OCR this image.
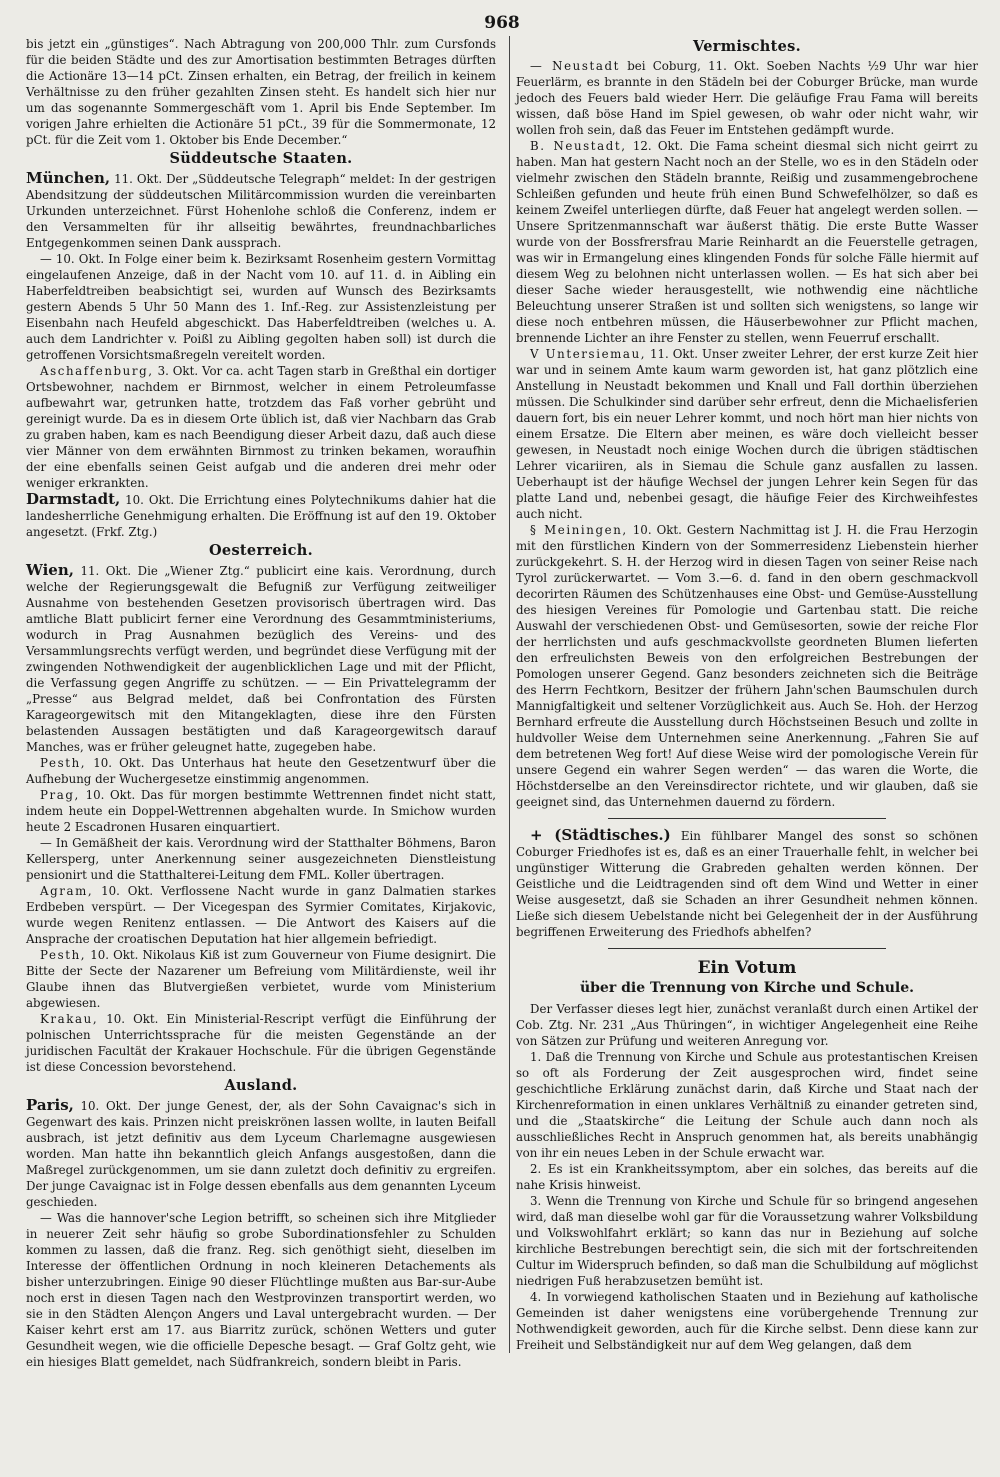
968

bis jetzt ein „günstiges“. Nach Abtragung von 200,000 Thlr. zum Cursfonds für die beiden Städte und des zur Amortisation bestimmten Betrages dürften die Actionäre 13—14 pCt. Zinsen erhalten, ein Betrag, der freilich in keinem Verhältnisse zu den früher gezahlten Zinsen steht. Es handelt sich hier nur um das sogenannte Sommergeschäft vom 1. April bis Ende September. Im vorigen Jahre erhielten die Actionäre 51 pCt., 39 für die Sommermonate, 12 pCt. für die Zeit vom 1. Oktober bis Ende December.“

Süddeutsche Staaten.

München, 11. Okt. Der „Süddeutsche Telegraph“ meldet: In der gestrigen Abendsitzung der süddeutschen Militärcommission wurden die vereinbarten Urkunden unterzeichnet. Fürst Hohenlohe schloß die Conferenz, indem er den Versammelten für ihr allseitig bewährtes, freundnachbarliches Entgegenkommen seinen Dank aussprach.

— 10. Okt. In Folge einer beim k. Bezirksamt Rosenheim gestern Vormittag eingelaufenen Anzeige, daß in der Nacht vom 10. auf 11. d. in Aibling ein Haberfeldtreiben beabsichtigt sei, wurden auf Wunsch des Bezirksamts gestern Abends 5 Uhr 50 Mann des 1. Inf.-Reg. zur Assistenzleistung per Eisenbahn nach Heufeld abgeschickt. Das Haberfeldtreiben (welches u. A. auch dem Landrichter v. Poißl zu Aibling gegolten haben soll) ist durch die getroffenen Vorsichtsmaßregeln vereitelt worden.

Aschaffenburg, 3. Okt. Vor ca. acht Tagen starb in Greßthal ein dortiger Ortsbewohner, nachdem er Birnmost, welcher in einem Petroleumfasse aufbewahrt war, getrunken hatte, trotzdem das Faß vorher gebrüht und gereinigt wurde. Da es in diesem Orte üblich ist, daß vier Nachbarn das Grab zu graben haben, kam es nach Beendigung dieser Arbeit dazu, daß auch diese vier Männer von dem erwähnten Birnmost zu trinken bekamen, woraufhin der eine ebenfalls seinen Geist aufgab und die anderen drei mehr oder weniger erkrankten.

Darmstadt, 10. Okt. Die Errichtung eines Polytechnikums dahier hat die landesherrliche Genehmigung erhalten. Die Eröffnung ist auf den 19. Oktober angesetzt. (Frkf. Ztg.)

Oesterreich.

Wien, 11. Okt. Die „Wiener Ztg.“ publicirt eine kais. Verordnung, durch welche der Regierungsgewalt die Befugniß zur Verfügung zeitweiliger Ausnahme von bestehenden Gesetzen provisorisch übertragen wird. Das amtliche Blatt publicirt ferner eine Verordnung des Gesammtministeriums, wodurch in Prag Ausnahmen bezüglich des Vereins- und des Versammlungsrechts verfügt werden, und begründet diese Verfügung mit der zwingenden Nothwendigkeit der augenblicklichen Lage und mit der Pflicht, die Verfassung gegen Angriffe zu schützen. — — Ein Privattelegramm der „Presse“ aus Belgrad meldet, daß bei Confrontation des Fürsten Karageorgewitsch mit den Mitangeklagten, diese ihre den Fürsten belastenden Aussagen bestätigten und daß Karageorgewitsch darauf Manches, was er früher geleugnet hatte, zugegeben habe.

Pesth, 10. Okt. Das Unterhaus hat heute den Gesetzentwurf über die Aufhebung der Wuchergesetze einstimmig angenommen.

Prag, 10. Okt. Das für morgen bestimmte Wettrennen findet nicht statt, indem heute ein Doppel-Wettrennen abgehalten wurde. In Smichow wurden heute 2 Escadronen Husaren einquartiert.

— In Gemäßheit der kais. Verordnung wird der Statthalter Böhmens, Baron Kellersperg, unter Anerkennung seiner ausgezeichneten Dienstleistung pensionirt und die Statthalterei-Leitung dem FML. Koller übertragen.

Agram, 10. Okt. Verflossene Nacht wurde in ganz Dalmatien starkes Erdbeben verspürt. — Der Vicegespan des Syrmier Comitates, Kirjakovic, wurde wegen Renitenz entlassen. — Die Antwort des Kaisers auf die Ansprache der croatischen Deputation hat hier allgemein befriedigt.

Pesth, 10. Okt. Nikolaus Kiß ist zum Gouverneur von Fiume designirt. Die Bitte der Secte der Nazarener um Befreiung vom Militärdienste, weil ihr Glaube ihnen das Blutvergießen verbietet, wurde vom Ministerium abgewiesen.

Krakau, 10. Okt. Ein Ministerial-Rescript verfügt die Einführung der polnischen Unterrichtssprache für die meisten Gegenstände an der juridischen Facultät der Krakauer Hochschule. Für die übrigen Gegenstände ist diese Concession bevorstehend.

Ausland.

Paris, 10. Okt. Der junge Genest, der, als der Sohn Cavaignac's sich in Gegenwart des kais. Prinzen nicht preiskrönen lassen wollte, in lauten Beifall ausbrach, ist jetzt definitiv aus dem Lyceum Charlemagne ausgewiesen worden. Man hatte ihn bekanntlich gleich Anfangs ausgestoßen, dann die Maßregel zurückgenommen, um sie dann zuletzt doch definitiv zu ergreifen. Der junge Cavaignac ist in Folge dessen ebenfalls aus dem genannten Lyceum geschieden.

— Was die hannover'sche Legion betrifft, so scheinen sich ihre Mitglieder in neuerer Zeit sehr häufig so grobe Subordinationsfehler zu Schulden kommen zu lassen, daß die franz. Reg. sich genöthigt sieht, dieselben im Interesse der öffentlichen Ordnung in noch kleineren Detachements als bisher unterzubringen. Einige 90 dieser Flüchtlinge mußten aus Bar-sur-Aube noch erst in diesen Tagen nach den Westprovinzen transportirt werden, wo sie in den Städten Alençon Angers und Laval untergebracht wurden. — Der Kaiser kehrt erst am 17. aus Biarritz zurück, schönen Wetters und guter Gesundheit wegen, wie die officielle Depesche besagt. — Graf Goltz geht, wie ein hiesiges Blatt gemeldet, nach Südfrankreich, sondern bleibt in Paris.

Vermischtes.

— Neustadt bei Coburg, 11. Okt. Soeben Nachts ½9 Uhr war hier Feuerlärm, es brannte in den Städeln bei der Coburger Brücke, man wurde jedoch des Feuers bald wieder Herr. Die geläufige Frau Fama will bereits wissen, daß böse Hand im Spiel gewesen, ob wahr oder nicht wahr, wir wollen froh sein, daß das Feuer im Entstehen gedämpft wurde.

B. Neustadt, 12. Okt. Die Fama scheint diesmal sich nicht geirrt zu haben. Man hat gestern Nacht noch an der Stelle, wo es in den Städeln oder vielmehr zwischen den Städeln brannte, Reißig und zusammengebrochene Schleißen gefunden und heute früh einen Bund Schwefelhölzer, so daß es keinem Zweifel unterliegen dürfte, daß Feuer hat angelegt werden sollen. — Unsere Spritzenmannschaft war äußerst thätig. Die erste Butte Wasser wurde von der Bossfrersfrau Marie Reinhardt an die Feuerstelle getragen, was wir in Ermangelung eines klingenden Fonds für solche Fälle hiermit auf diesem Weg zu belohnen nicht unterlassen wollen. — Es hat sich aber bei dieser Sache wieder herausgestellt, wie nothwendig eine nächtliche Beleuchtung unserer Straßen ist und sollten sich wenigstens, so lange wir diese noch entbehren müssen, die Häuserbewohner zur Pflicht machen, brennende Lichter an ihre Fenster zu stellen, wenn Feuerruf erschallt.

V Untersiemau, 11. Okt. Unser zweiter Lehrer, der erst kurze Zeit hier war und in seinem Amte kaum warm geworden ist, hat ganz plötzlich eine Anstellung in Neustadt bekommen und Knall und Fall dorthin überziehen müssen. Die Schulkinder sind darüber sehr erfreut, denn die Michaelisferien dauern fort, bis ein neuer Lehrer kommt, und noch hört man hier nichts von einem Ersatze. Die Eltern aber meinen, es wäre doch vielleicht besser gewesen, in Neustadt noch einige Wochen durch die übrigen städtischen Lehrer vicariiren, als in Siemau die Schule ganz ausfallen zu lassen. Ueberhaupt ist der häufige Wechsel der jungen Lehrer kein Segen für das platte Land und, nebenbei gesagt, die häufige Feier des Kirchweihfestes auch nicht.

§ Meiningen, 10. Okt. Gestern Nachmittag ist J. H. die Frau Herzogin mit den fürstlichen Kindern von der Sommerresidenz Liebenstein hierher zurückgekehrt. S. H. der Herzog wird in diesen Tagen von seiner Reise nach Tyrol zurückerwartet. — Vom 3.—6. d. fand in den obern geschmackvoll decorirten Räumen des Schützenhauses eine Obst- und Gemüse-Ausstellung des hiesigen Vereines für Pomologie und Gartenbau statt. Die reiche Auswahl der verschiedenen Obst- und Gemüsesorten, sowie der reiche Flor der herrlichsten und aufs geschmackvollste geordneten Blumen lieferten den erfreulichsten Beweis von den erfolgreichen Bestrebungen der Pomologen unserer Gegend. Ganz besonders zeichneten sich die Beiträge des Herrn Fechtkorn, Besitzer der frühern Jahn'schen Baumschulen durch Mannigfaltigkeit und seltener Vorzüglichkeit aus. Auch Se. Hoh. der Herzog Bernhard erfreute die Ausstellung durch Höchstseinen Besuch und zollte in huldvoller Weise dem Unternehmen seine Anerkennung. „Fahren Sie auf dem betretenen Weg fort! Auf diese Weise wird der pomologische Verein für unsere Gegend ein wahrer Segen werden“ — das waren die Worte, die Höchstderselbe an den Vereinsdirector richtete, und wir glauben, daß sie geeignet sind, das Unternehmen dauernd zu fördern.

+ (Städtisches.) Ein fühlbarer Mangel des sonst so schönen Coburger Friedhofes ist es, daß es an einer Trauerhalle fehlt, in welcher bei ungünstiger Witterung die Grabreden gehalten werden können. Der Geistliche und die Leidtragenden sind oft dem Wind und Wetter in einer Weise ausgesetzt, daß sie Schaden an ihrer Gesundheit nehmen können. Ließe sich diesem Uebelstande nicht bei Gelegenheit der in der Ausführung begriffenen Erweiterung des Friedhofs abhelfen?

Ein Votum
über die Trennung von Kirche und Schule.

Der Verfasser dieses legt hier, zunächst veranlaßt durch einen Artikel der Cob. Ztg. Nr. 231 „Aus Thüringen“, in wichtiger Angelegenheit eine Reihe von Sätzen zur Prüfung und weiteren Anregung vor.

1. Daß die Trennung von Kirche und Schule aus protestantischen Kreisen so oft als Forderung der Zeit ausgesprochen wird, findet seine geschichtliche Erklärung zunächst darin, daß Kirche und Staat nach der Kirchenreformation in einen unklares Verhältniß zu einander getreten sind, und die „Staatskirche“ die Leitung der Schule auch dann noch als ausschließliches Recht in Anspruch genommen hat, als bereits unabhängig von ihr ein neues Leben in der Schule erwacht war.

2. Es ist ein Krankheitssymptom, aber ein solches, das bereits auf die nahe Krisis hinweist.

3. Wenn die Trennung von Kirche und Schule für so bringend angesehen wird, daß man dieselbe wohl gar für die Voraussetzung wahrer Volksbildung und Volkswohlfahrt erklärt; so kann das nur in Beziehung auf solche kirchliche Bestrebungen berechtigt sein, die sich mit der fortschreitenden Cultur im Widerspruch befinden, so daß man die Schulbildung auf möglichst niedrigen Fuß herabzusetzen bemüht ist.

4. In vorwiegend katholischen Staaten und in Beziehung auf katholische Gemeinden ist daher wenigstens eine vorübergehende Trennung zur Nothwendigkeit geworden, auch für die Kirche selbst. Denn diese kann zur Freiheit und Selbständigkeit nur auf dem Weg gelangen, daß dem
